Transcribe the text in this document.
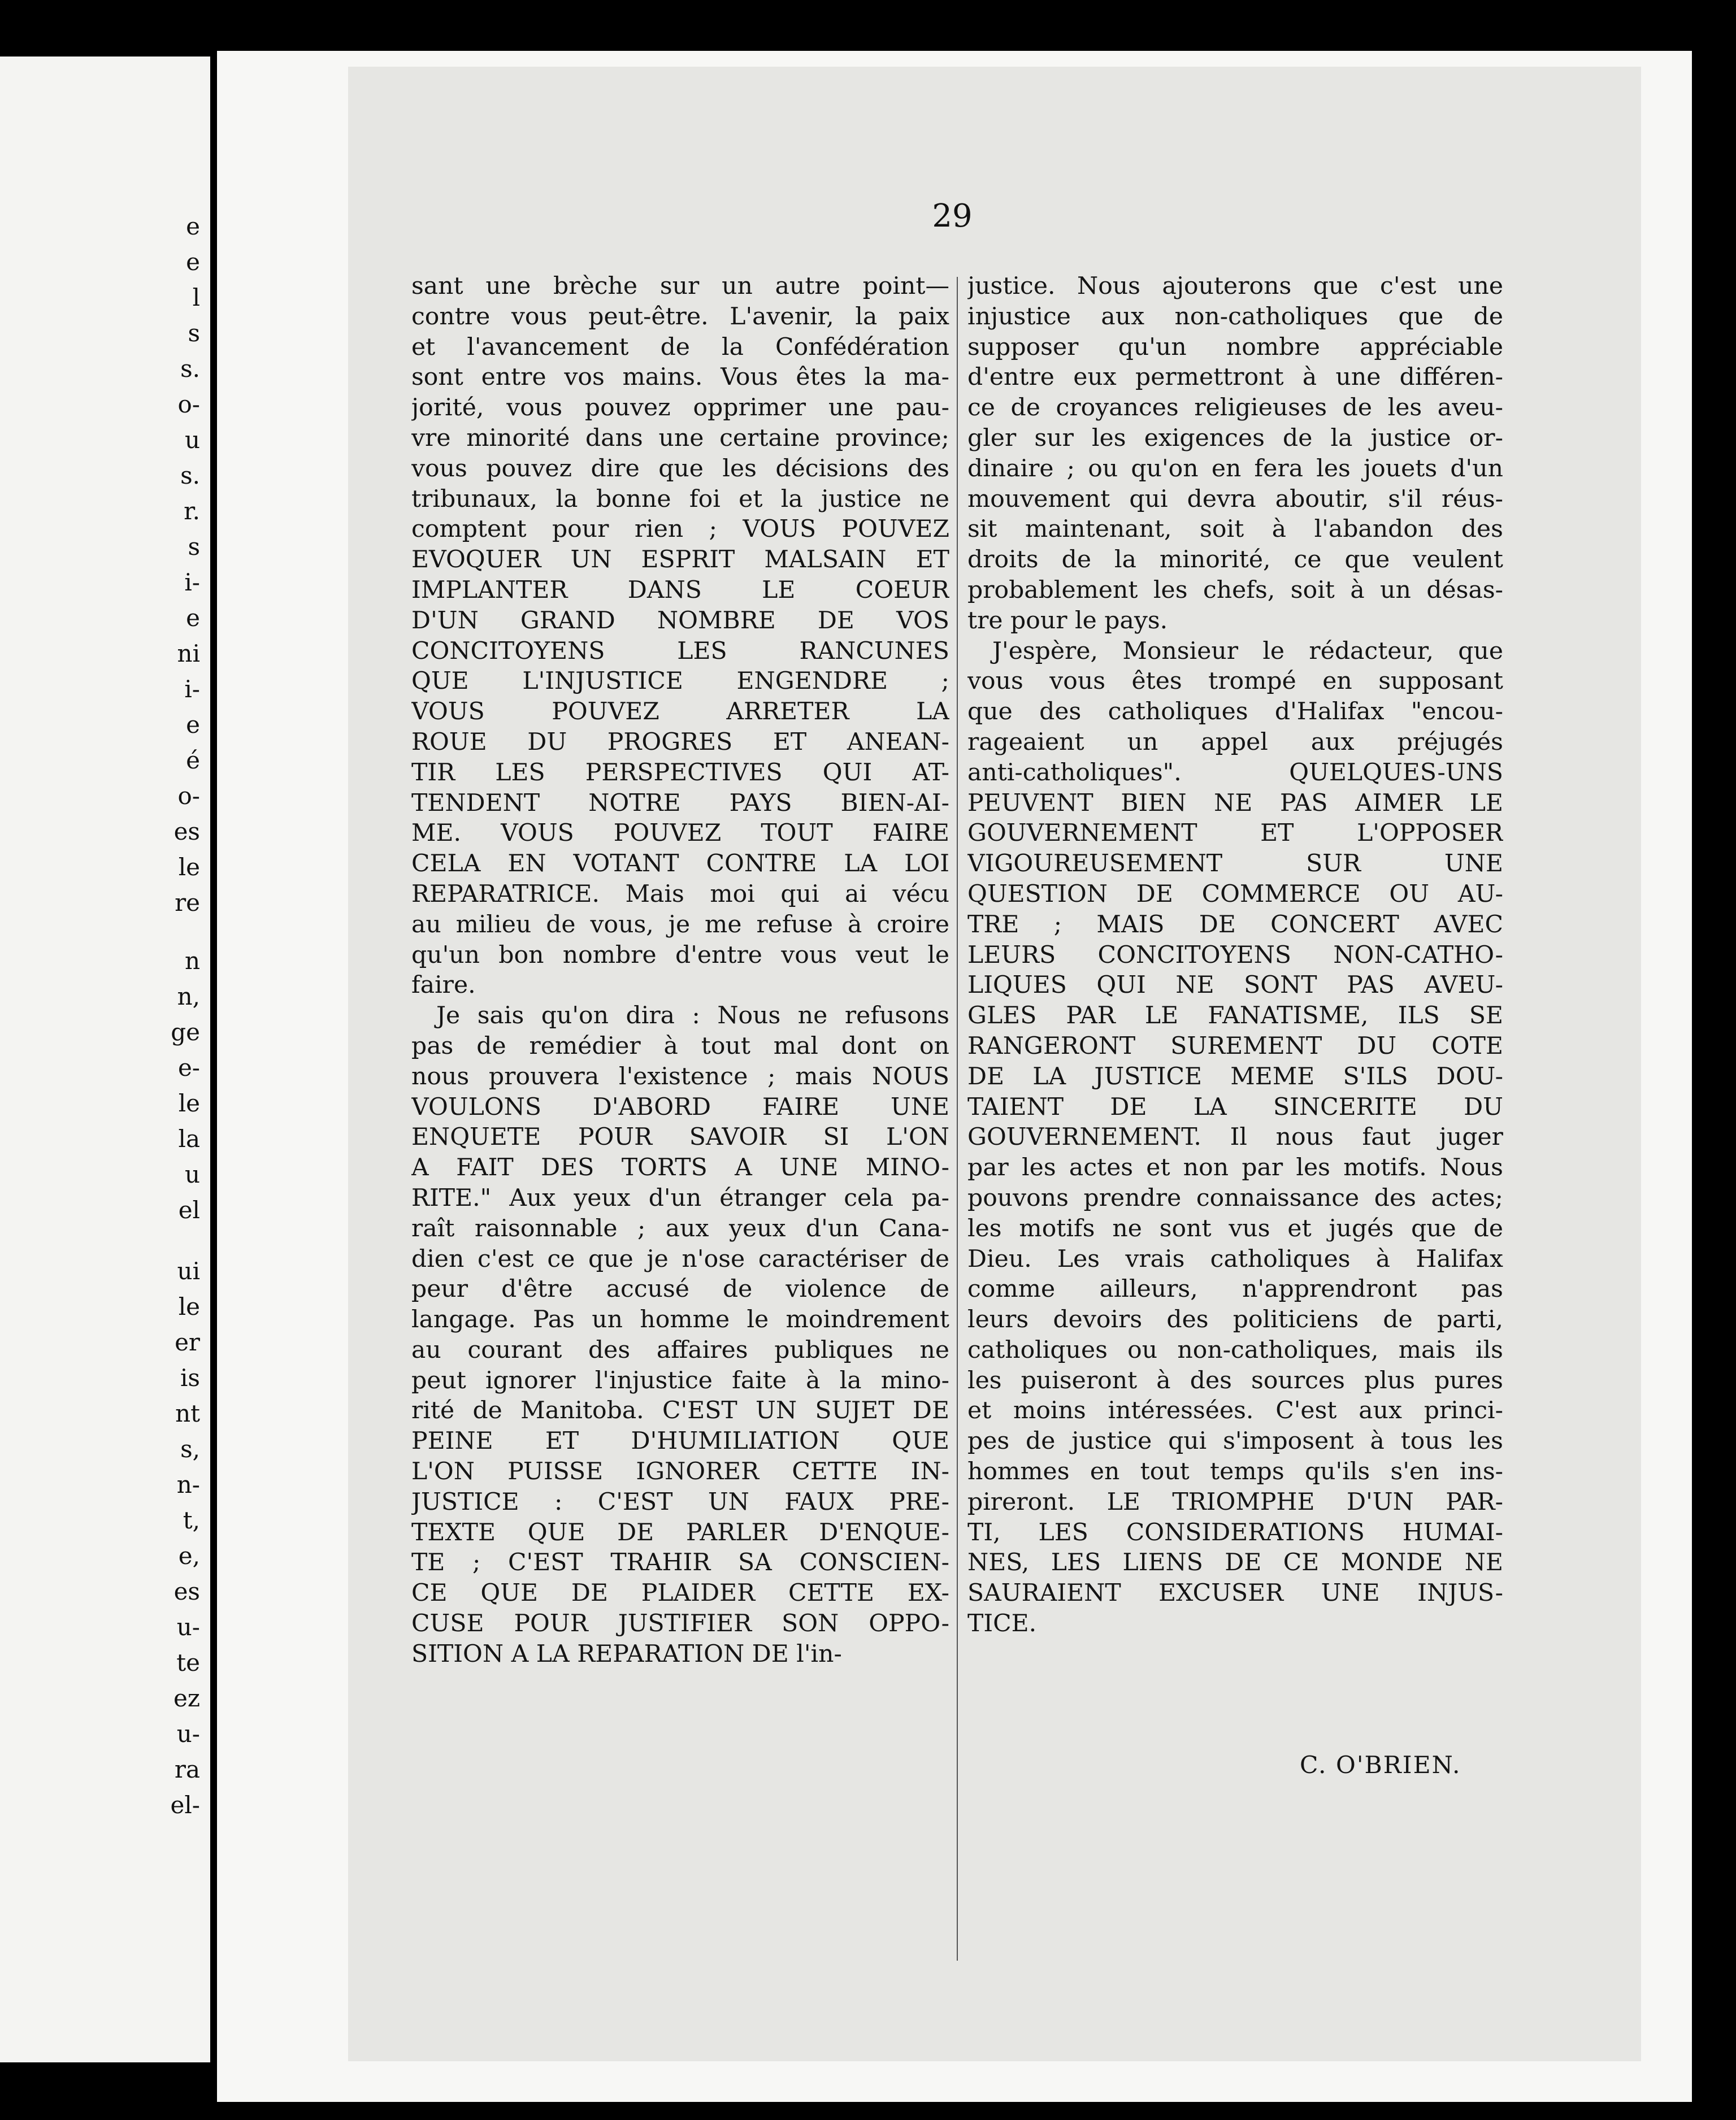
e
e
l
s
s.
o-
u
s.
r.
s
i-
e
ni
i-
e
é
o-
es
le
re
n
n,
ge
e-
le
la
u
el
ui
le
er
is
nt
s,
n-
t,
e,
es
u-
te
ez
u-
ra
el-
29
sant une brèche sur un autre point—
contre vous peut-être. L'avenir, la paix
et l'avancement de la Confédération
sont entre vos mains. Vous êtes la ma-
jorité, vous pouvez opprimer une pau-
vre minorité dans une certaine province;
vous pouvez dire que les décisions des
tribunaux, la bonne foi et la justice ne
comptent pour rien ; VOUS POUVEZ
EVOQUER UN ESPRIT MALSAIN ET
IMPLANTER DANS LE COEUR
D'UN GRAND NOMBRE DE VOS
CONCITOYENS LES RANCUNES
QUE L'INJUSTICE ENGENDRE ;
VOUS POUVEZ ARRETER LA
ROUE DU PROGRES ET ANEAN-
TIR LES PERSPECTIVES QUI AT-
TENDENT NOTRE PAYS BIEN-AI-
ME. VOUS POUVEZ TOUT FAIRE
CELA EN VOTANT CONTRE LA LOI
REPARATRICE. Mais moi qui ai vécu
au milieu de vous, je me refuse à croire
qu'un bon nombre d'entre vous veut le
faire.
Je sais qu'on dira : Nous ne refusons
pas de remédier à tout mal dont on
nous prouvera l'existence ; mais NOUS
VOULONS D'ABORD FAIRE UNE
ENQUETE POUR SAVOIR SI L'ON
A FAIT DES TORTS A UNE MINO-
RITE." Aux yeux d'un étranger cela pa-
raît raisonnable ; aux yeux d'un Cana-
dien c'est ce que je n'ose caractériser de
peur d'être accusé de violence de
langage. Pas un homme le moindrement
au courant des affaires publiques ne
peut ignorer l'injustice faite à la mino-
rité de Manitoba. C'EST UN SUJET DE
PEINE ET D'HUMILIATION QUE
L'ON PUISSE IGNORER CETTE IN-
JUSTICE : C'EST UN FAUX PRE-
TEXTE QUE DE PARLER D'ENQUE-
TE ; C'EST TRAHIR SA CONSCIEN-
CE QUE DE PLAIDER CETTE EX-
CUSE POUR JUSTIFIER SON OPPO-
SITION A LA REPARATION DE l'in-
justice. Nous ajouterons que c'est une
injustice aux non-catholiques que de
supposer qu'un nombre appréciable
d'entre eux permettront à une différen-
ce de croyances religieuses de les aveu-
gler sur les exigences de la justice or-
dinaire ; ou qu'on en fera les jouets d'un
mouvement qui devra aboutir, s'il réus-
sit maintenant, soit à l'abandon des
droits de la minorité, ce que veulent
probablement les chefs, soit à un désas-
tre pour le pays.
J'espère, Monsieur le rédacteur, que
vous vous êtes trompé en supposant
que des catholiques d'Halifax "encou-
rageaient un appel aux préjugés
anti-catholiques". QUELQUES-UNS
PEUVENT BIEN NE PAS AIMER LE
GOUVERNEMENT ET L'OPPOSER
VIGOUREUSEMENT SUR UNE
QUESTION DE COMMERCE OU AU-
TRE ; MAIS DE CONCERT AVEC
LEURS CONCITOYENS NON-CATHO-
LIQUES QUI NE SONT PAS AVEU-
GLES PAR LE FANATISME, ILS SE
RANGERONT SUREMENT DU COTE
DE LA JUSTICE MEME S'ILS DOU-
TAIENT DE LA SINCERITE DU
GOUVERNEMENT. Il nous faut juger
par les actes et non par les motifs. Nous
pouvons prendre connaissance des actes;
les motifs ne sont vus et jugés que de
Dieu. Les vrais catholiques à Halifax
comme ailleurs, n'apprendront pas
leurs devoirs des politiciens de parti,
catholiques ou non-catholiques, mais ils
les puiseront à des sources plus pures
et moins intéressées. C'est aux princi-
pes de justice qui s'imposent à tous les
hommes en tout temps qu'ils s'en ins-
pireront. LE TRIOMPHE D'UN PAR-
TI, LES CONSIDERATIONS HUMAI-
NES, LES LIENS DE CE MONDE NE
SAURAIENT EXCUSER UNE INJUS-
TICE.
C. O'BRIEN.
